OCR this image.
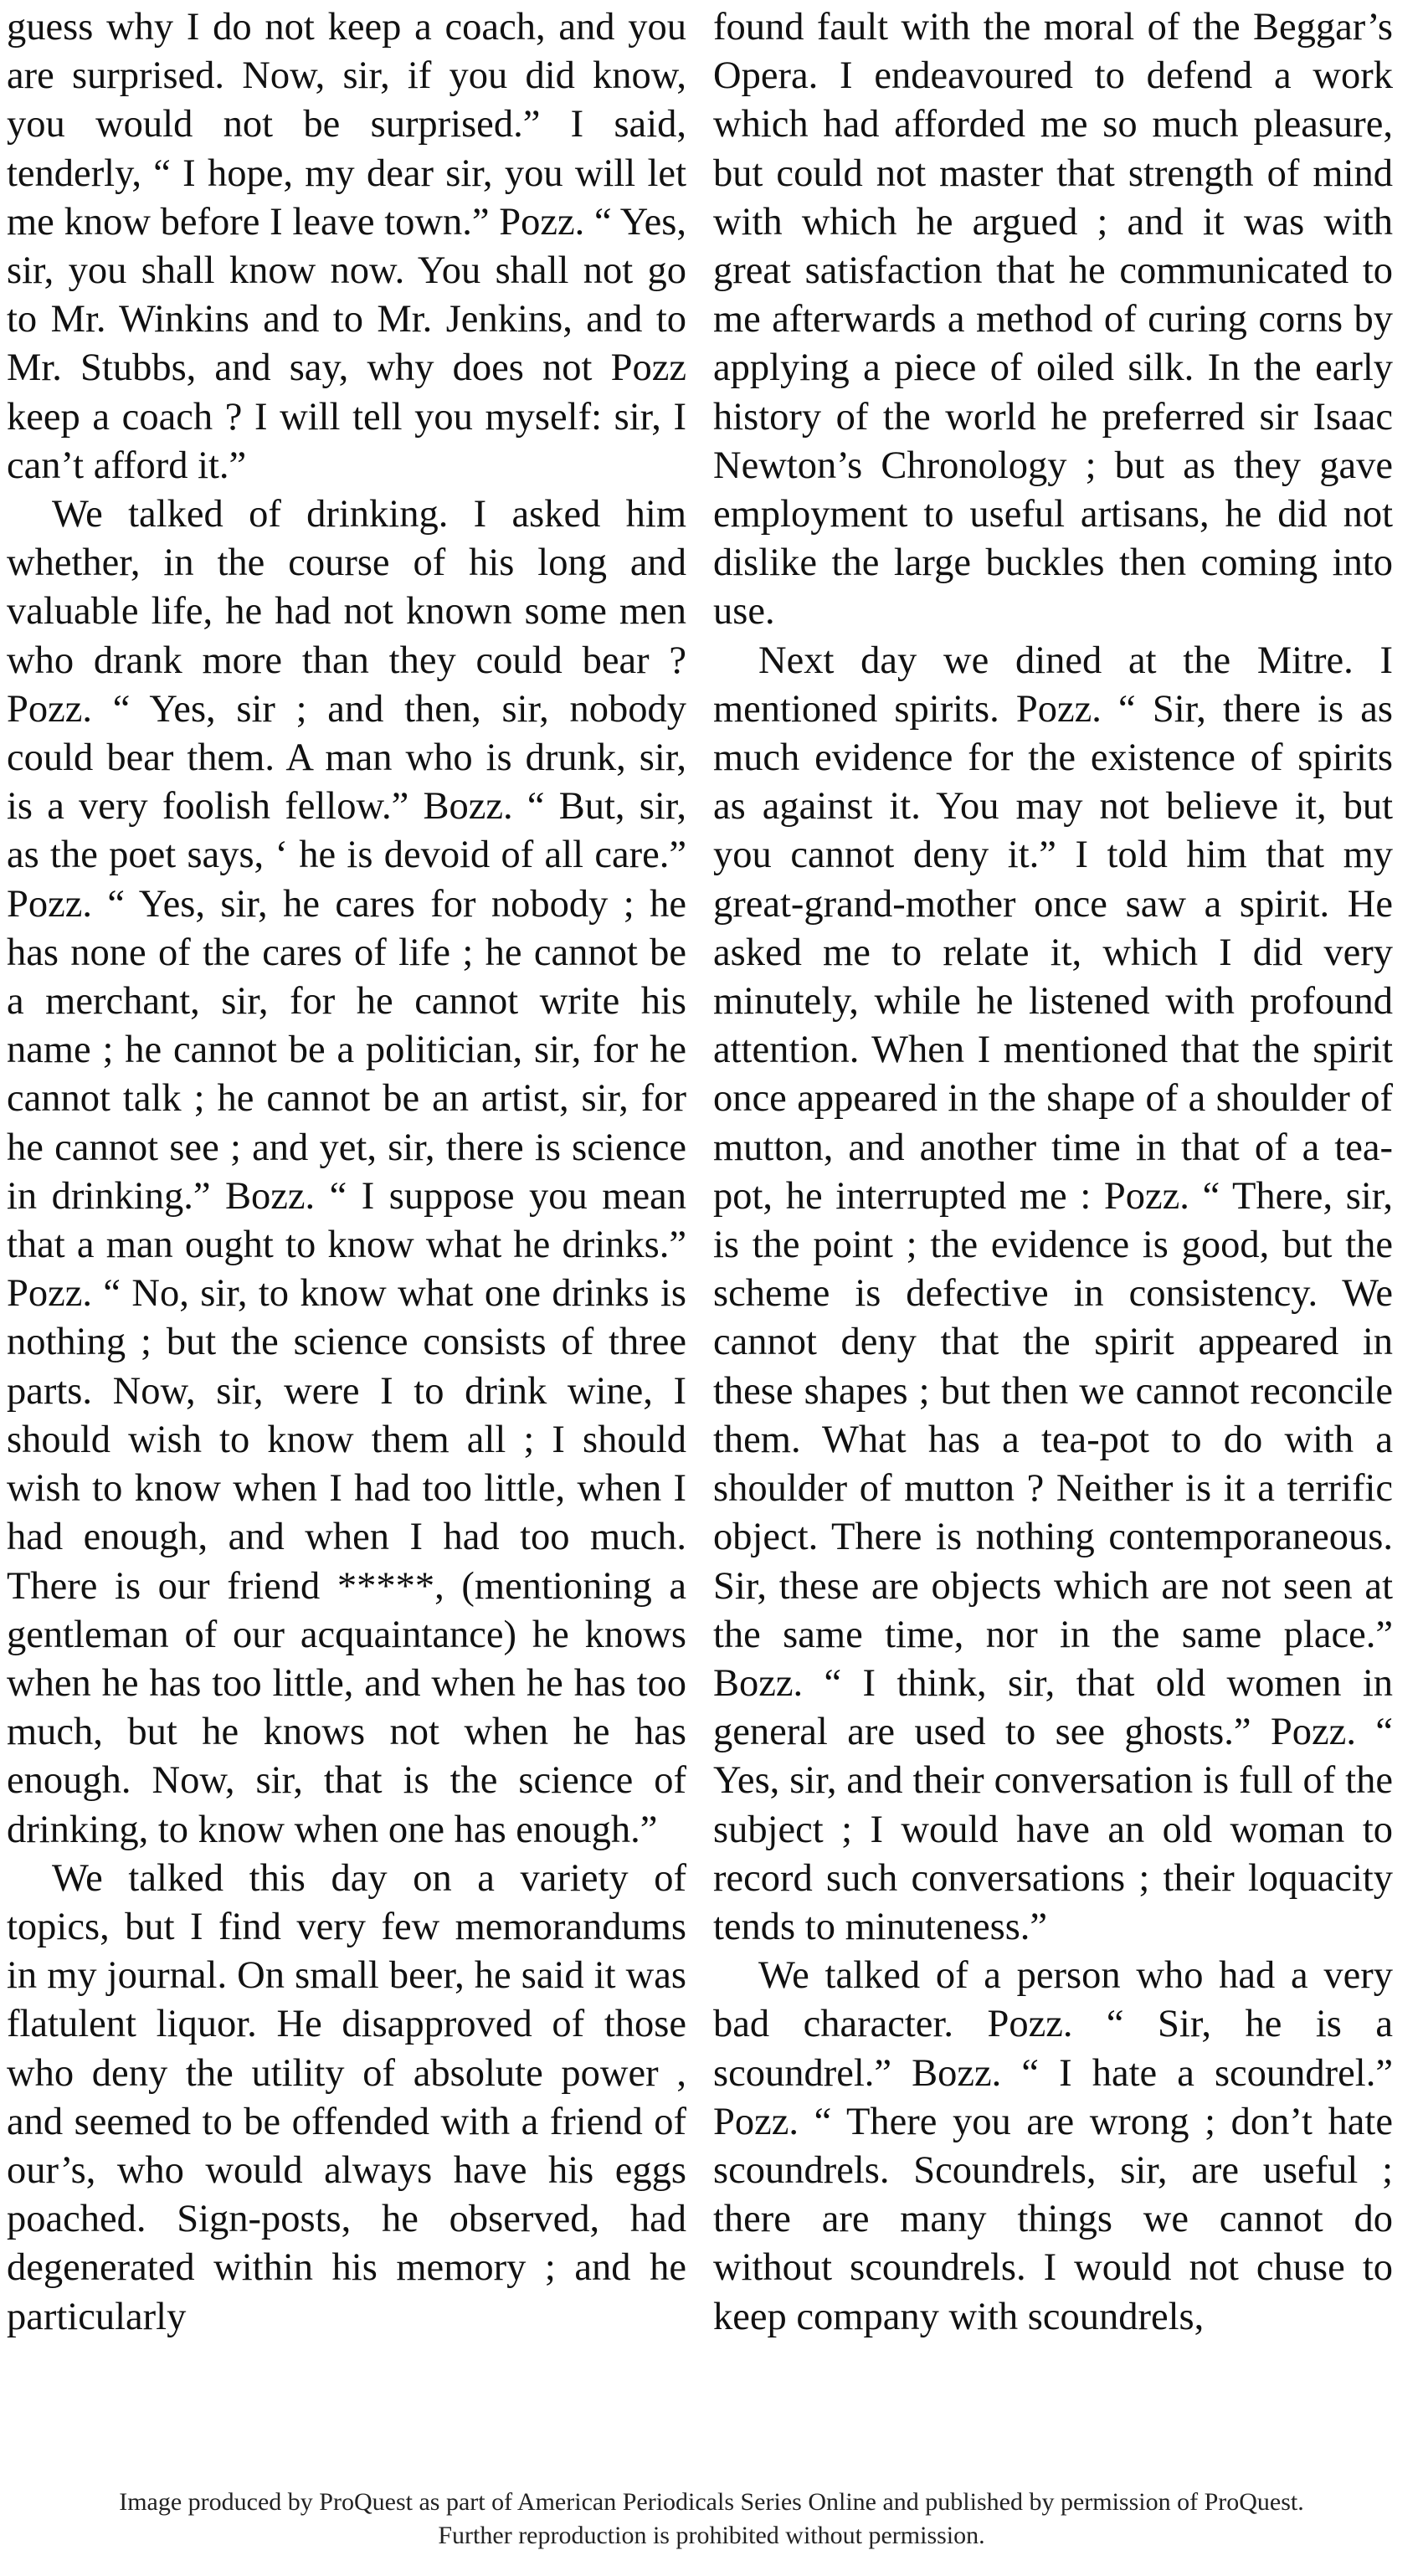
guess why I do not keep a coach, and you are surprised. Now, sir, if you did know, you would not be surprised.” I said, tenderly, “ I hope, my dear sir, you will let me know before I leave town.” Pozz. “ Yes, sir, you shall know now. You shall not go to Mr. Winkins and to Mr. Jenkins, and to Mr. Stubbs, and say, why does not Pozz keep a coach ? I will tell you myself: sir, I can’t afford it.”

We talked of drinking. I asked him whether, in the course of his long and valuable life, he had not known some men who drank more than they could bear ? Pozz. “ Yes, sir ; and then, sir, nobody could bear them. A man who is drunk, sir, is a very foolish fellow.” Bozz. “ But, sir, as the poet says, ‘ he is devoid of all care.” Pozz. “ Yes, sir, he cares for nobody ; he has none of the cares of life ; he cannot be a merchant, sir, for he cannot write his name ; he cannot be a politician, sir, for he cannot talk ; he cannot be an artist, sir, for he cannot see ; and yet, sir, there is science in drinking.” Bozz. “ I suppose you mean that a man ought to know what he drinks.” Pozz. “ No, sir, to know what one drinks is nothing ; but the science consists of three parts. Now, sir, were I to drink wine, I should wish to know them all ; I should wish to know when I had too little, when I had enough, and when I had too much. There is our friend *****, (mentioning a gentleman of our acquaintance) he knows when he has too little, and when he has too much, but he knows not when he has enough. Now, sir, that is the science of drinking, to know when one has enough.”

We talked this day on a variety of topics, but I find very few memorandums in my journal. On small beer, he said it was flatulent liquor. He disapproved of those who deny the utility of absolute power , and seemed to be offended with a friend of our’s, who would always have his eggs poached. Sign-posts, he observed, had degenerated within his memory ; and he particularly

found fault with the moral of the Beggar’s Opera. I endeavoured to defend a work which had afforded me so much pleasure, but could not master that strength of mind with which he argued ; and it was with great satisfaction that he communicated to me afterwards a method of curing corns by applying a piece of oiled silk. In the early history of the world he preferred sir Isaac Newton’s Chronology ; but as they gave employment to useful artisans, he did not dislike the large buckles then coming into use.

Next day we dined at the Mitre. I mentioned spirits. Pozz. “ Sir, there is as much evidence for the existence of spirits as against it. You may not believe it, but you cannot deny it.” I told him that my great-grand-mother once saw a spirit. He asked me to relate it, which I did very minutely, while he listened with profound attention. When I mentioned that the spirit once appeared in the shape of a shoulder of mutton, and another time in that of a tea-pot, he interrupted me : Pozz. “ There, sir, is the point ; the evidence is good, but the scheme is defective in consistency. We cannot deny that the spirit appeared in these shapes ; but then we cannot reconcile them. What has a tea-pot to do with a shoulder of mutton ? Neither is it a terrific object. There is nothing contemporaneous. Sir, these are objects which are not seen at the same time, nor in the same place.” Bozz. “ I think, sir, that old women in general are used to see ghosts.” Pozz. “ Yes, sir, and their conversation is full of the subject ; I would have an old woman to record such conversations ; their loquacity tends to minuteness.”

We talked of a person who had a very bad character. Pozz. “ Sir, he is a scoundrel.” Bozz. “ I hate a scoundrel.” Pozz. “ There you are wrong ; don’t hate scoundrels. Scoundrels, sir, are useful ; there are many things we cannot do without scoundrels. I would not chuse to keep company with scoundrels,

Image produced by ProQuest as part of American Periodicals Series Online and published by permission of ProQuest.
Further reproduction is prohibited without permission.
